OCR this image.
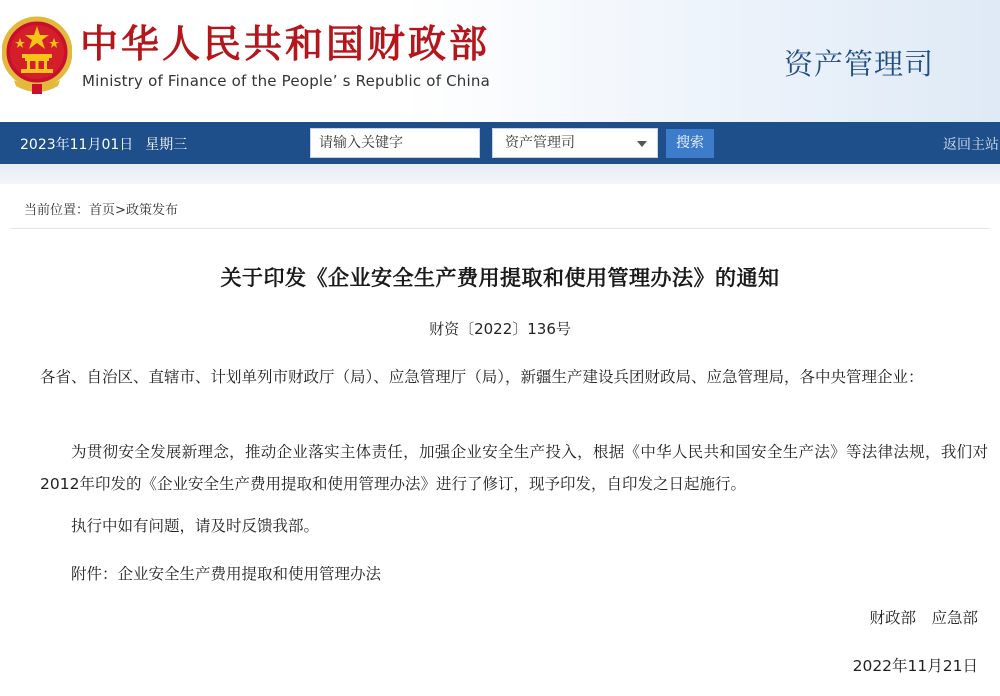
中华人民共和国财政部
Ministry of Finance of the People’ s Republic of China	资产管理司
2023年11月01日 星期三
请输入关键字	资产管理司	搜索	返回主站
当前位置：首页>政策发布
关于印发《企业安全生产费用提取和使用管理办法》的通知
财资〔2022〕136号
各省、自治区、直辖市、计划单列市财政厅（局）、应急管理厅（局），新疆生产建设兵团财政局、应急管理局，各中央管理企业：
为贯彻安全发展新理念，推动企业落实主体责任，加强企业安全生产投入，根据《中华人民共和国安全生产法》等法律法规，我们对2012年印发的《企业安全生产费用提取和使用管理办法》进行了修订，现予印发，自印发之日起施行。
执行中如有问题，请及时反馈我部。
附件：企业安全生产费用提取和使用管理办法
财政部　应急部
2022年11月21日
